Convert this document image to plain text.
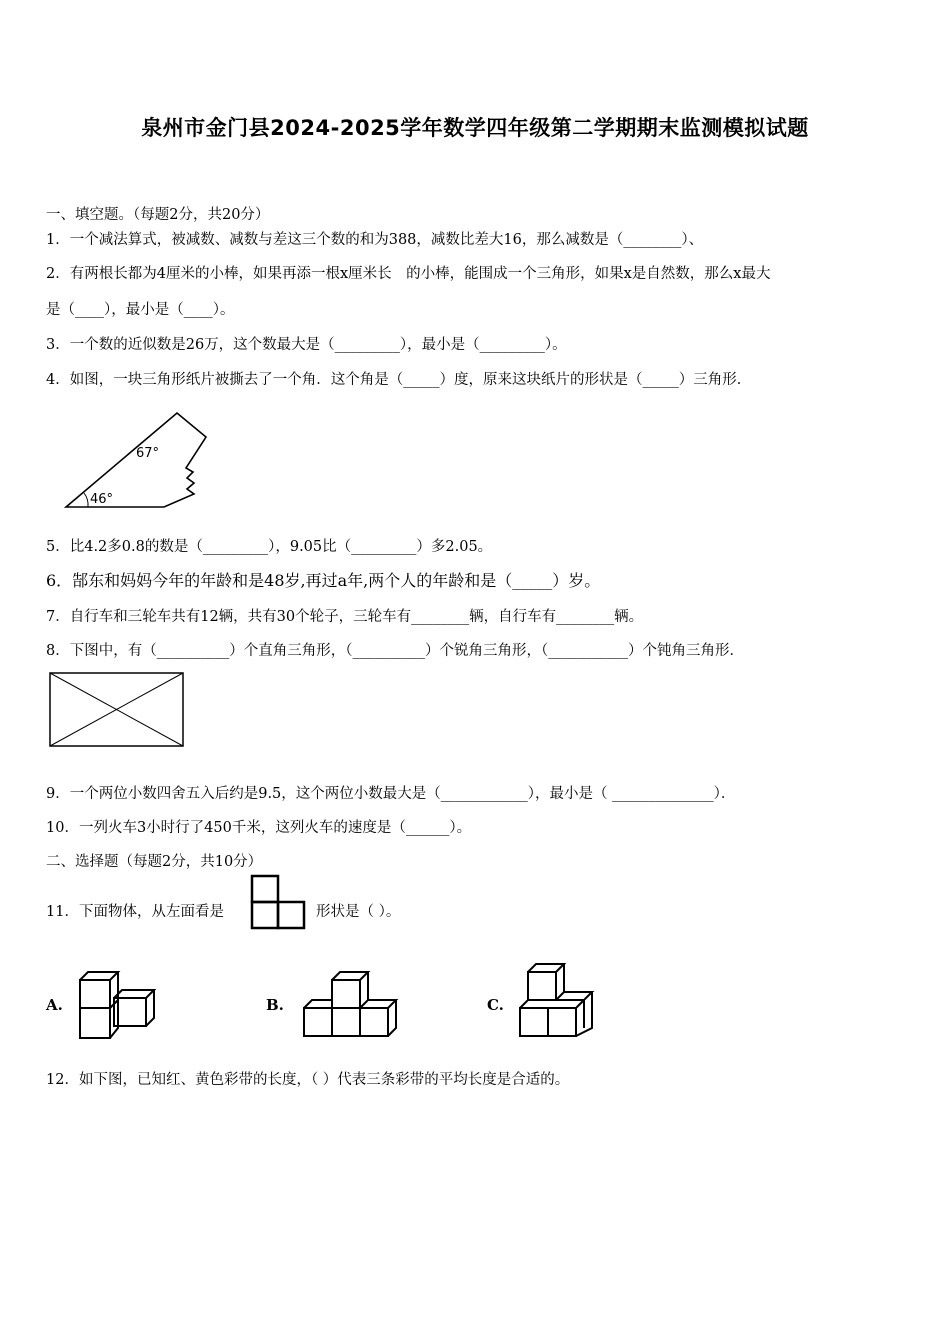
泉州市金门县2024-2025学年数学四年级第二学期期末监测模拟试题
一、填空题。（每题2分，共20分）
1．一个减法算式，被减数、减数与差这三个数的和为388，减数比差大16，那么减数是（________）、
2．有两根长都为4厘米的小棒，如果再添一根x厘米长　的小棒，能围成一个三角形，如果x是自然数，那么x最大
是（____），最小是（____）。
3．一个数的近似数是26万，这个数最大是（_________），最小是（_________）。
4．如图，一块三角形纸片被撕去了一个角．这个角是（_____）度，原来这块纸片的形状是（_____）三角形．
67°
46°
5．比4.2多0.8的数是（_________），9.05比（_________）多2.05。
6．郜东和妈妈今年的年龄和是48岁,再过a年,两个人的年龄和是（_____）岁。
7．自行车和三轮车共有12辆，共有30个轮子，三轮车有________辆，自行车有________辆。
8．下图中，有（__________）个直角三角形，（__________）个锐角三角形，（___________）个钝角三角形．
9．一个两位小数四舍五入后约是9.5，这个两位小数最大是（____________），最小是（ ______________）．
10．一列火车3小时行了450千米，这列火车的速度是（______）。
二、选择题（每题2分，共10分）
11．下面物体，从左面看是	形状是（ ）。
A.	B.	C.
12．如下图，已知红、黄色彩带的长度，（ ）代表三条彩带的平均长度是合适的。
